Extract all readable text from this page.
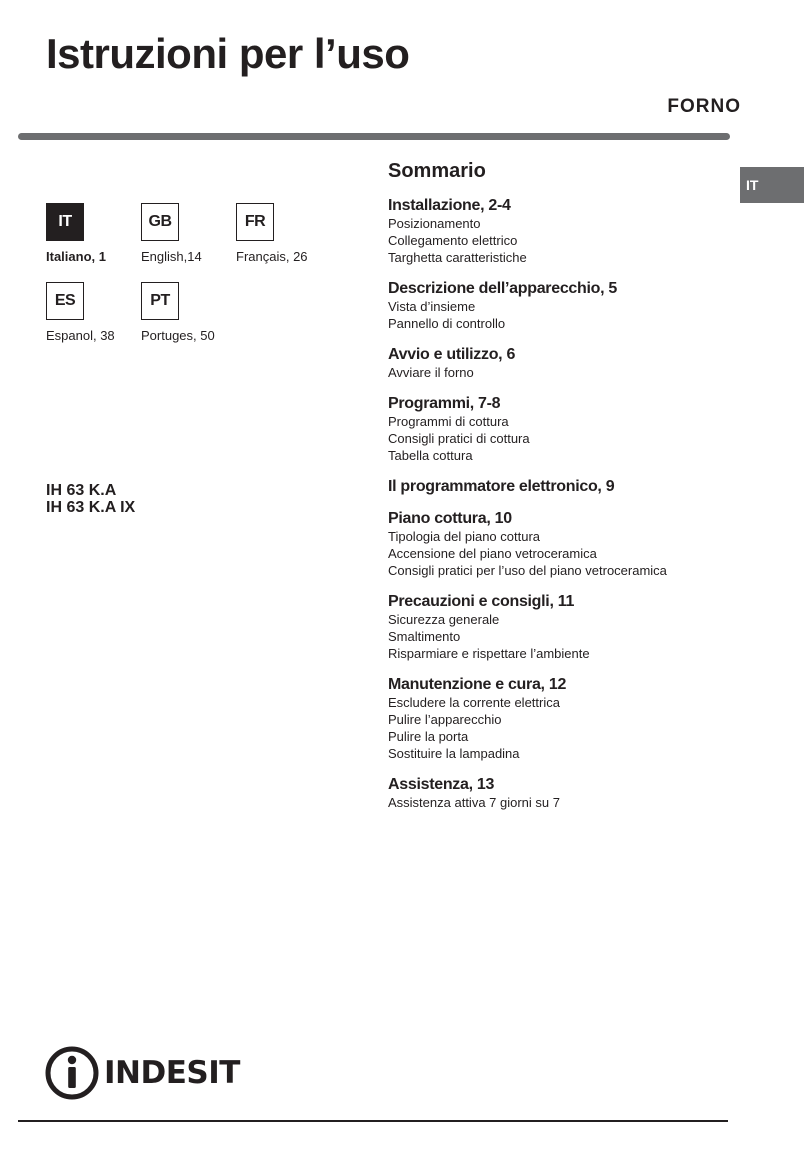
Istruzioni per l’uso
FORNO
IT
IT
Italiano, 1
GB
English,14
FR
Français, 26
ES
Espanol, 38
PT
Portuges, 50
IH 63 K.A
IH 63 K.A IX
Sommario
Installazione, 2-4
Posizionamento
Collegamento elettrico
Targhetta caratteristiche
Descrizione dell’apparecchio, 5
Vista d’insieme
Pannello di controllo
Avvio e utilizzo, 6
Avviare il forno
Programmi, 7-8
Programmi di cottura
Consigli pratici di cottura
Tabella cottura
Il programmatore elettronico, 9
Piano cottura, 10
Tipologia del piano cottura
Accensione del piano vetroceramica
Consigli pratici per l’uso del piano vetroceramica
Precauzioni e consigli, 11
Sicurezza generale
Smaltimento
Risparmiare e rispettare l’ambiente
Manutenzione e cura, 12
Escludere la corrente elettrica
Pulire l’apparecchio
Pulire la porta
Sostituire la lampadina
Assistenza, 13
Assistenza attiva 7 giorni su 7
INDESIT
